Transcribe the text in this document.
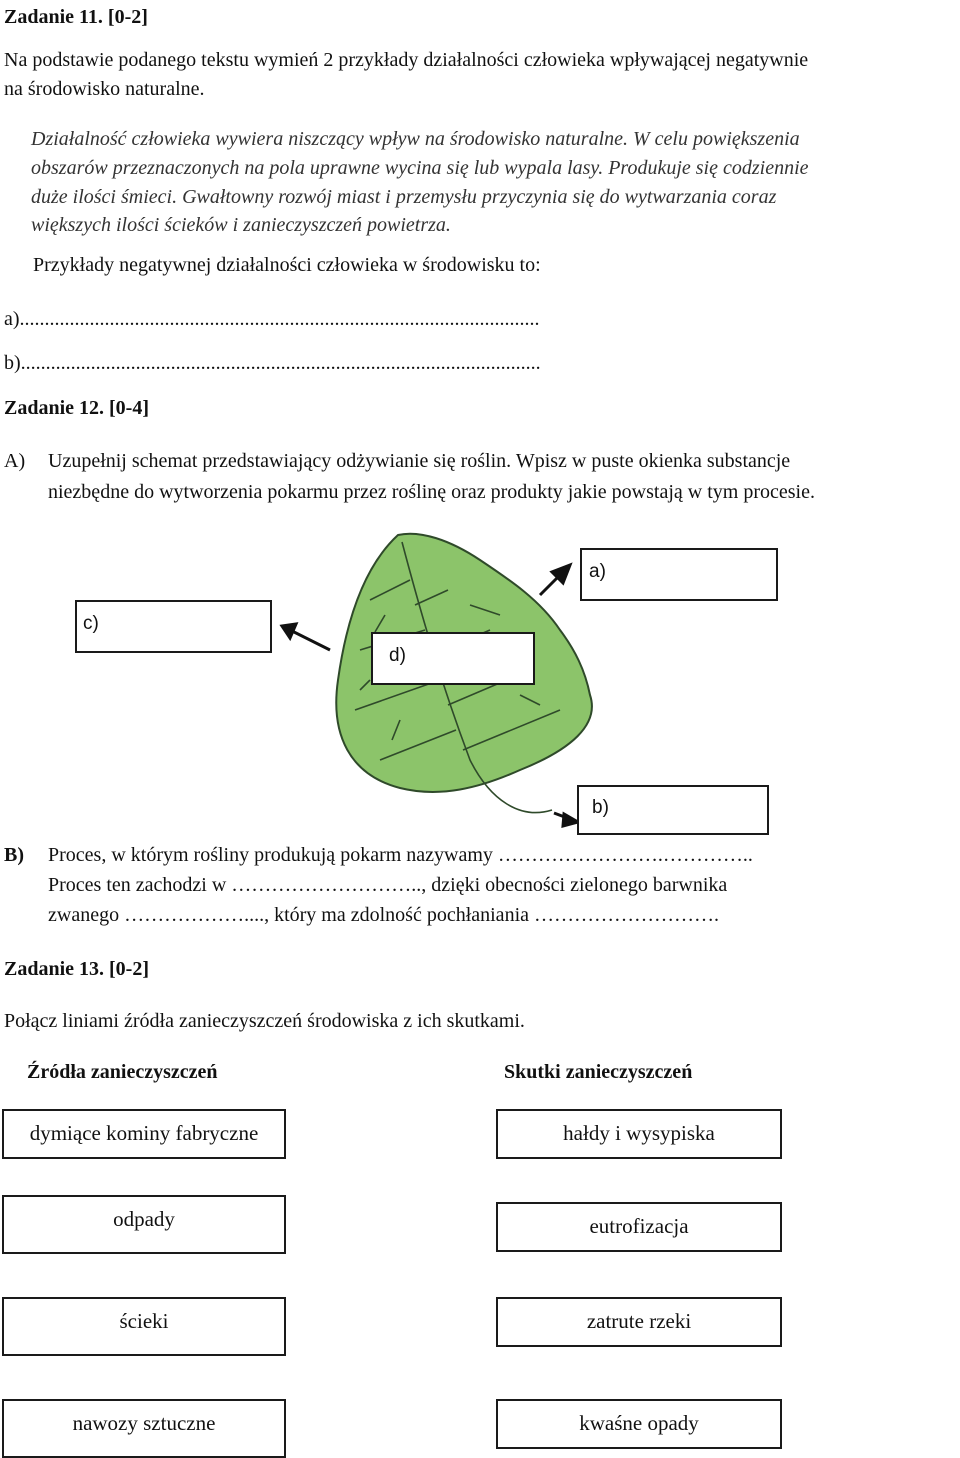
Zadanie 11. [0-2]
Na podstawie podanego tekstu wymień 2 przykłady działalności człowieka wpływającej negatywnie
na środowisko naturalne.
Działalność człowieka wywiera niszczący wpływ na środowisko naturalne. W celu powiększenia
obszarów przeznaczonych na pola uprawne wycina się lub wypala lasy. Produkuje się codziennie
duże ilości śmieci. Gwałtowny rozwój miast i przemysłu przyczynia się do wytwarzania coraz
większych ilości ścieków i zanieczyszczeń powietrza.
Przykłady negatywnej działalności człowieka w środowisku to:
a)........................................................................................................
b)........................................................................................................
Zadanie 12. [0-4]
A) Uzupełnij schemat przedstawiający odżywianie się roślin. Wpisz w puste okienka substancje
niezbędne do wytworzenia pokarmu przez roślinę oraz produkty jakie powstają w tym procesie.
a)
c)
d)
b)
B) Proces, w którym rośliny produkują pokarm nazywamy …………………….…………..
Proces ten zachodzi w ……………………….., dzięki obecności zielonego barwnika
zwanego ………………...., który ma zdolność pochłaniania ……………………….
Zadanie 13. [0-2]
Połącz liniami źródła zanieczyszczeń środowiska z ich skutkami.
Źródła zanieczyszczeń	Skutki zanieczyszczeń
dymiące kominy fabryczne
odpady
ścieki
nawozy sztuczne
hałdy i wysypiska
eutrofizacja
zatrute rzeki
kwaśne opady
